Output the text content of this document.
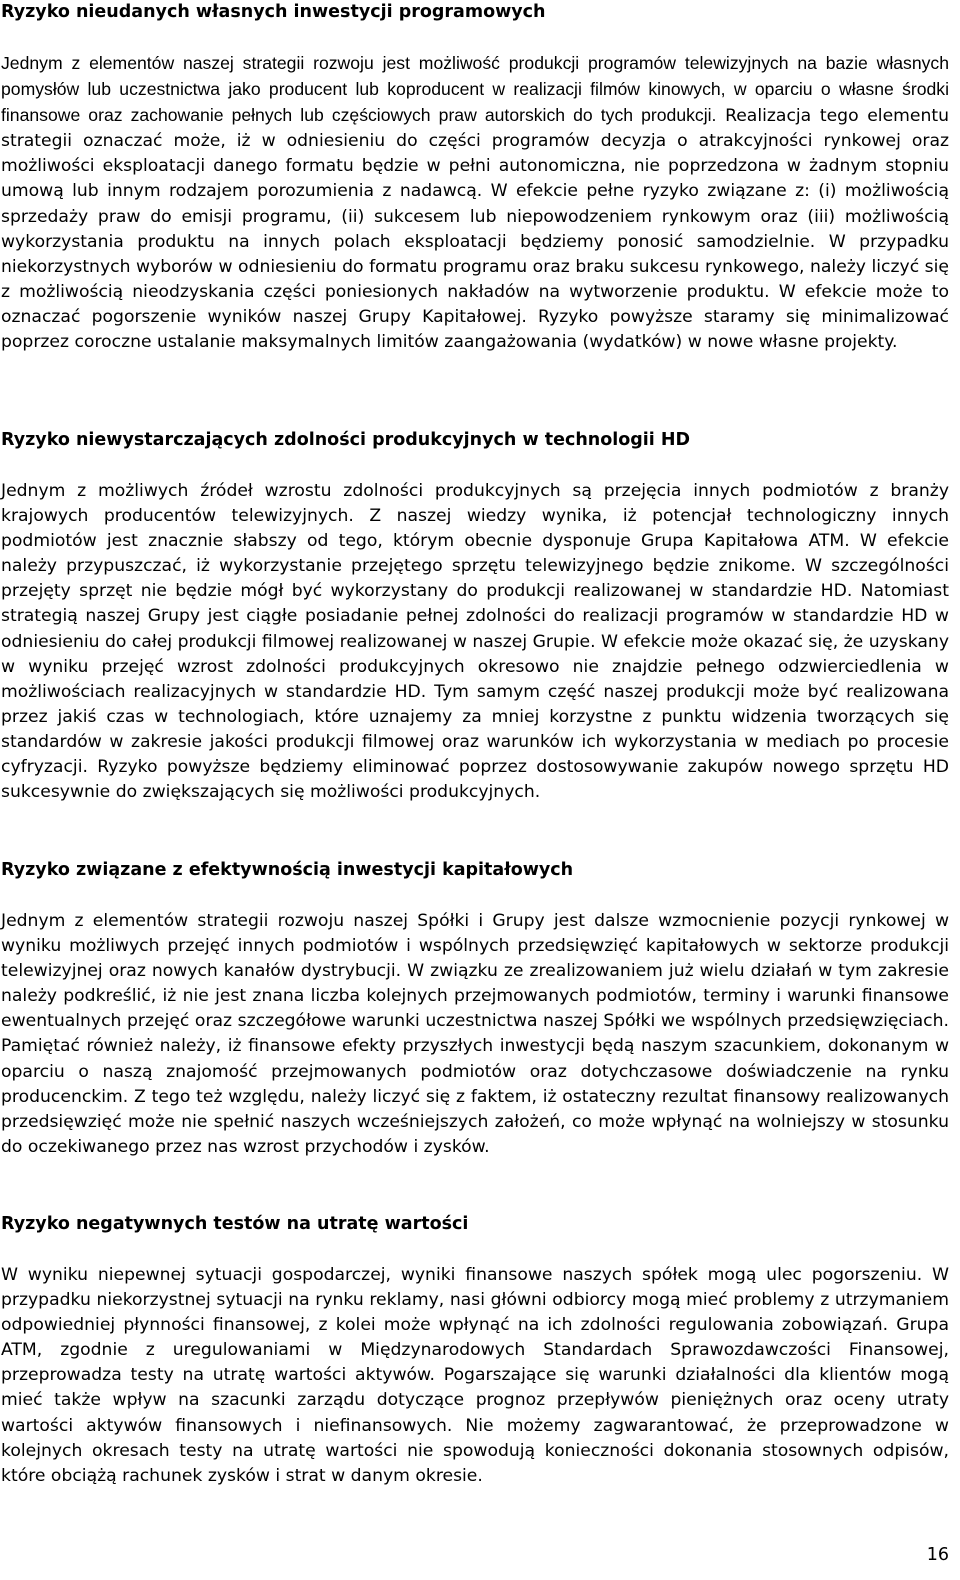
Ryzyko nieudanych własnych inwestycji programowych

Jednym z elementów naszej strategii rozwoju jest możliwość produkcji programów telewizyjnych na bazie własnych pomysłów lub uczestnictwa jako producent lub koproducent w realizacji filmów kinowych, w oparciu o własne środki finansowe oraz zachowanie pełnych lub częściowych praw autorskich do tych produkcji. Realizacja tego elementu strategii oznaczać może, iż w odniesieniu do części programów decyzja o atrakcyjności rynkowej oraz możliwości eksploatacji danego formatu będzie w pełni autonomiczna, nie poprzedzona w żadnym stopniu umową lub innym rodzajem porozumienia z nadawcą. W efekcie pełne ryzyko związane z: (i) możliwością sprzedaży praw do emisji programu, (ii) sukcesem lub niepowodzeniem rynkowym oraz (iii) możliwością wykorzystania produktu na innych polach eksploatacji będziemy ponosić samodzielnie. W przypadku niekorzystnych wyborów w odniesieniu do formatu programu oraz braku sukcesu rynkowego, należy liczyć się z możliwością nieodzyskania części poniesionych nakładów na wytworzenie produktu. W efekcie może to oznaczać pogorszenie wyników naszej Grupy Kapitałowej. Ryzyko powyższe staramy się minimalizować poprzez coroczne ustalanie maksymalnych limitów zaangażowania (wydatków) w nowe własne projekty.

Ryzyko niewystarczających zdolności produkcyjnych w technologii HD

Jednym z możliwych źródeł wzrostu zdolności produkcyjnych są przejęcia innych podmiotów z branży krajowych producentów telewizyjnych. Z naszej wiedzy wynika, iż potencjał technologiczny innych podmiotów jest znacznie słabszy od tego, którym obecnie dysponuje Grupa Kapitałowa ATM. W efekcie należy przypuszczać, iż wykorzystanie przejętego sprzętu telewizyjnego będzie znikome. W szczególności przejęty sprzęt nie będzie mógł być wykorzystany do produkcji realizowanej w standardzie HD. Natomiast strategią naszej Grupy jest ciągłe posiadanie pełnej zdolności do realizacji programów w standardzie HD w odniesieniu do całej produkcji filmowej realizowanej w naszej Grupie. W efekcie może okazać się, że uzyskany w wyniku przejęć wzrost zdolności produkcyjnych okresowo nie znajdzie pełnego odzwierciedlenia w możliwościach realizacyjnych w standardzie HD. Tym samym część naszej produkcji może być realizowana przez jakiś czas w technologiach, które uznajemy za mniej korzystne z punktu widzenia tworzących się standardów w zakresie jakości produkcji filmowej oraz warunków ich wykorzystania w mediach po procesie cyfryzacji. Ryzyko powyższe będziemy eliminować poprzez dostosowywanie zakupów nowego sprzętu HD sukcesywnie do zwiększających się możliwości produkcyjnych.

Ryzyko związane z efektywnością inwestycji kapitałowych

Jednym z elementów strategii rozwoju naszej Spółki i Grupy jest dalsze wzmocnienie pozycji rynkowej w wyniku możliwych przejęć innych podmiotów i wspólnych przedsięwzięć kapitałowych w sektorze produkcji telewizyjnej oraz nowych kanałów dystrybucji. W związku ze zrealizowaniem już wielu działań w tym zakresie należy podkreślić, iż nie jest znana liczba kolejnych przejmowanych podmiotów, terminy i warunki finansowe ewentualnych przejęć oraz szczegółowe warunki uczestnictwa naszej Spółki we wspólnych przedsięwzięciach. Pamiętać również należy, iż finansowe efekty przyszłych inwestycji będą naszym szacunkiem, dokonanym w oparciu o naszą znajomość przejmowanych podmiotów oraz dotychczasowe doświadczenie na rynku producenckim. Z tego też względu, należy liczyć się z faktem, iż ostateczny rezultat finansowy realizowanych przedsięwzięć może nie spełnić naszych wcześniejszych założeń, co może wpłynąć na wolniejszy w stosunku do oczekiwanego przez nas wzrost przychodów i zysków.

Ryzyko negatywnych testów na utratę wartości

W wyniku niepewnej sytuacji gospodarczej, wyniki finansowe naszych spółek mogą ulec pogorszeniu. W przypadku niekorzystnej sytuacji na rynku reklamy, nasi główni odbiorcy mogą mieć problemy z utrzymaniem odpowiedniej płynności finansowej, z kolei może wpłynąć na ich zdolności regulowania zobowiązań. Grupa ATM, zgodnie z uregulowaniami w Międzynarodowych Standardach Sprawozdawczości Finansowej, przeprowadza testy na utratę wartości aktywów. Pogarszające się warunki działalności dla klientów mogą mieć także wpływ na szacunki zarządu dotyczące prognoz przepływów pieniężnych oraz oceny utraty wartości aktywów finansowych i niefinansowych. Nie możemy zagwarantować, że przeprowadzone w kolejnych okresach testy na utratę wartości nie spowodują konieczności dokonania stosownych odpisów, które obciążą rachunek zysków i strat w danym okresie.

16
